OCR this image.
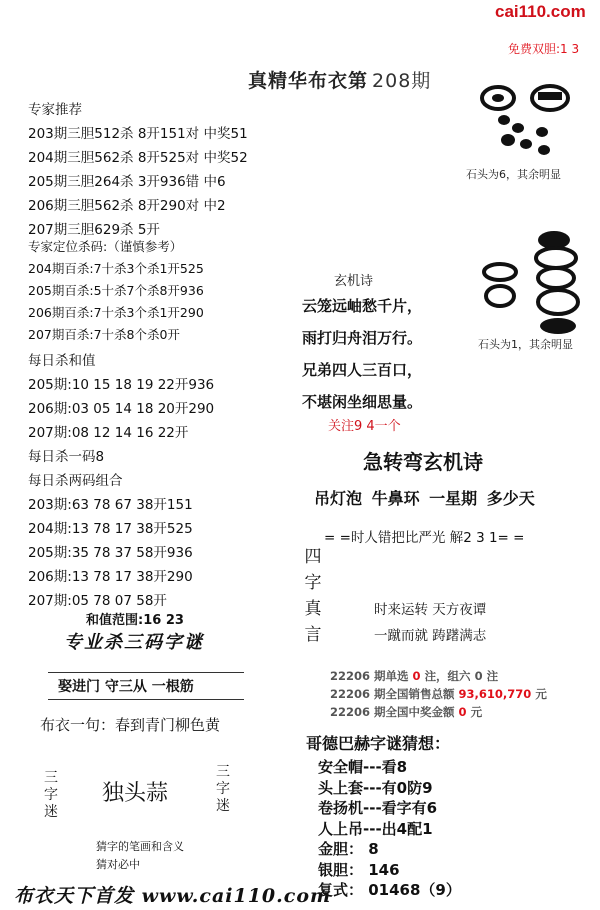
cai110.com
免费双胆:1 3
真精华布衣第 208期
专家推荐
203期三胆512杀 8开151对 中奖51
204期三胆562杀 8开525对 中奖52
205期三胆264杀 3开936错 中6
206期三胆562杀 8开290对 中2
207期三胆629杀 5开
专家定位杀码:（谨慎参考）
204期百杀:7十杀3个杀1开525
205期百杀:5十杀7个杀8开936
206期百杀:7十杀3个杀1开290
207期百杀:7十杀8个杀0开
每日杀和值
205期:10 15 18 19 22开936
206期:03 05 14 18 20开290
207期:08 12 14 16 22开
每日杀一码8
每日杀两码组合
203期:63 78 67 38开151
204期:13 78 17 38开525
205期:35 78 37 58开936
206期:13 78 17 38开290
207期:05 78 07 58开
和值范围:16 23
专业杀三码字谜
娶进门 守三从 一根筋
布衣一句：春到青门柳色黄
三
字
迷
三
字
迷
独头蒜
猜字的笔画和含义
猜对必中
石头为6，其余明显
石头为1，其余明显
玄机诗
云笼远岫愁千片，
雨打归舟泪万行。
兄弟四人三百口，
不堪闲坐细思量。
关注9 4一个
急转弯玄机诗
吊灯泡 牛鼻环 一星期 多少天
= =时人错把比严光 解2 3 1= =
四
字
真
言
时来运转 天方夜谭
一蹴而就 踌躇满志
22206 期单选 0 注，组六 0 注
22206 期全国销售总额 93,610,770 元
22206 期全国中奖金额 0 元
哥德巴赫字谜猜想：
安全帽---看8
头上套---有0防9
卷扬机---看字有6
人上吊---出4配1
金胆： 8
银胆： 146
复式： 01468（9）
布衣天下首发 www.cai110.com
